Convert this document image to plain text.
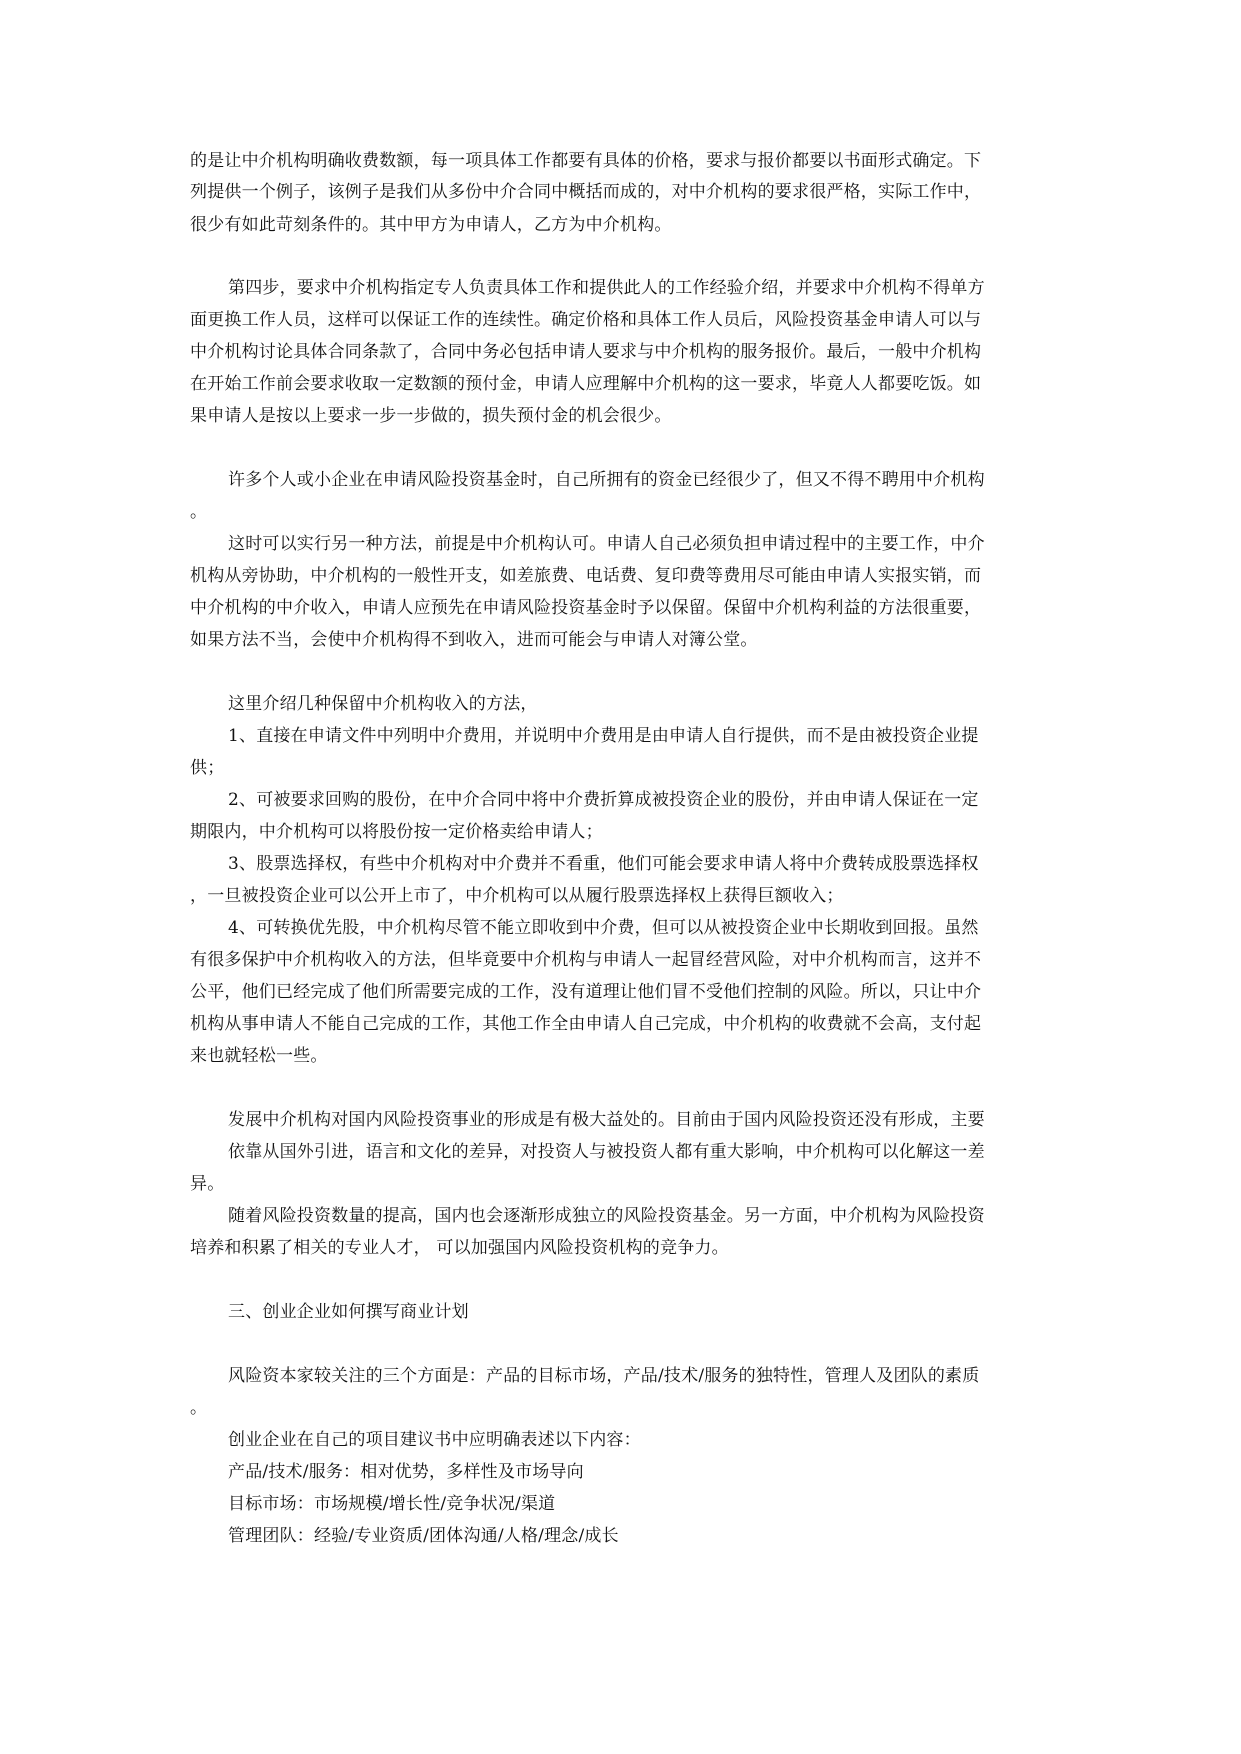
的是让中介机构明确收费数额，每一项具体工作都要有具体的价格，要求与报价都要以书面形式确定。下
列提供一个例子，该例子是我们从多份中介合同中概括而成的，对中介机构的要求很严格，实际工作中，
很少有如此苛刻条件的。其中甲方为申请人，乙方为中介机构。
第四步，要求中介机构指定专人负责具体工作和提供此人的工作经验介绍，并要求中介机构不得单方
面更换工作人员，这样可以保证工作的连续性。确定价格和具体工作人员后，风险投资基金申请人可以与
中介机构讨论具体合同条款了，合同中务必包括申请人要求与中介机构的服务报价。最后，一般中介机构
在开始工作前会要求收取一定数额的预付金，申请人应理解中介机构的这一要求，毕竟人人都要吃饭。如
果申请人是按以上要求一步一步做的，损失预付金的机会很少。
许多个人或小企业在申请风险投资基金时，自己所拥有的资金已经很少了，但又不得不聘用中介机构
。
这时可以实行另一种方法，前提是中介机构认可。申请人自己必须负担申请过程中的主要工作，中介
机构从旁协助，中介机构的一般性开支，如差旅费、电话费、复印费等费用尽可能由申请人实报实销，而
中介机构的中介收入，申请人应预先在申请风险投资基金时予以保留。保留中介机构利益的方法很重要，
如果方法不当，会使中介机构得不到收入，进而可能会与申请人对簿公堂。
这里介绍几种保留中介机构收入的方法，
1、直接在申请文件中列明中介费用，并说明中介费用是由申请人自行提供，而不是由被投资企业提
供；
2、可被要求回购的股份，在中介合同中将中介费折算成被投资企业的股份，并由申请人保证在一定
期限内，中介机构可以将股份按一定价格卖给申请人；
3、股票选择权，有些中介机构对中介费并不看重，他们可能会要求申请人将中介费转成股票选择权
，一旦被投资企业可以公开上市了，中介机构可以从履行股票选择权上获得巨额收入；
4、可转换优先股，中介机构尽管不能立即收到中介费，但可以从被投资企业中长期收到回报。虽然
有很多保护中介机构收入的方法，但毕竟要中介机构与申请人一起冒经营风险，对中介机构而言，这并不
公平，他们已经完成了他们所需要完成的工作，没有道理让他们冒不受他们控制的风险。所以，只让中介
机构从事申请人不能自己完成的工作，其他工作全由申请人自己完成，中介机构的收费就不会高，支付起
来也就轻松一些。
发展中介机构对国内风险投资事业的形成是有极大益处的。目前由于国内风险投资还没有形成，主要
依靠从国外引进，语言和文化的差异，对投资人与被投资人都有重大影响，中介机构可以化解这一差
异。
随着风险投资数量的提高，国内也会逐渐形成独立的风险投资基金。另一方面，中介机构为风险投资
培养和积累了相关的专业人才， 可以加强国内风险投资机构的竞争力。
三、创业企业如何撰写商业计划
风险资本家较关注的三个方面是：产品的目标市场，产品/技术/服务的独特性，管理人及团队的素质
。
创业企业在自己的项目建议书中应明确表述以下内容：
产品/技术/服务：相对优势，多样性及市场导向
目标市场：市场规模/增长性/竞争状况/渠道
管理团队：经验/专业资质/团体沟通/人格/理念/成长
